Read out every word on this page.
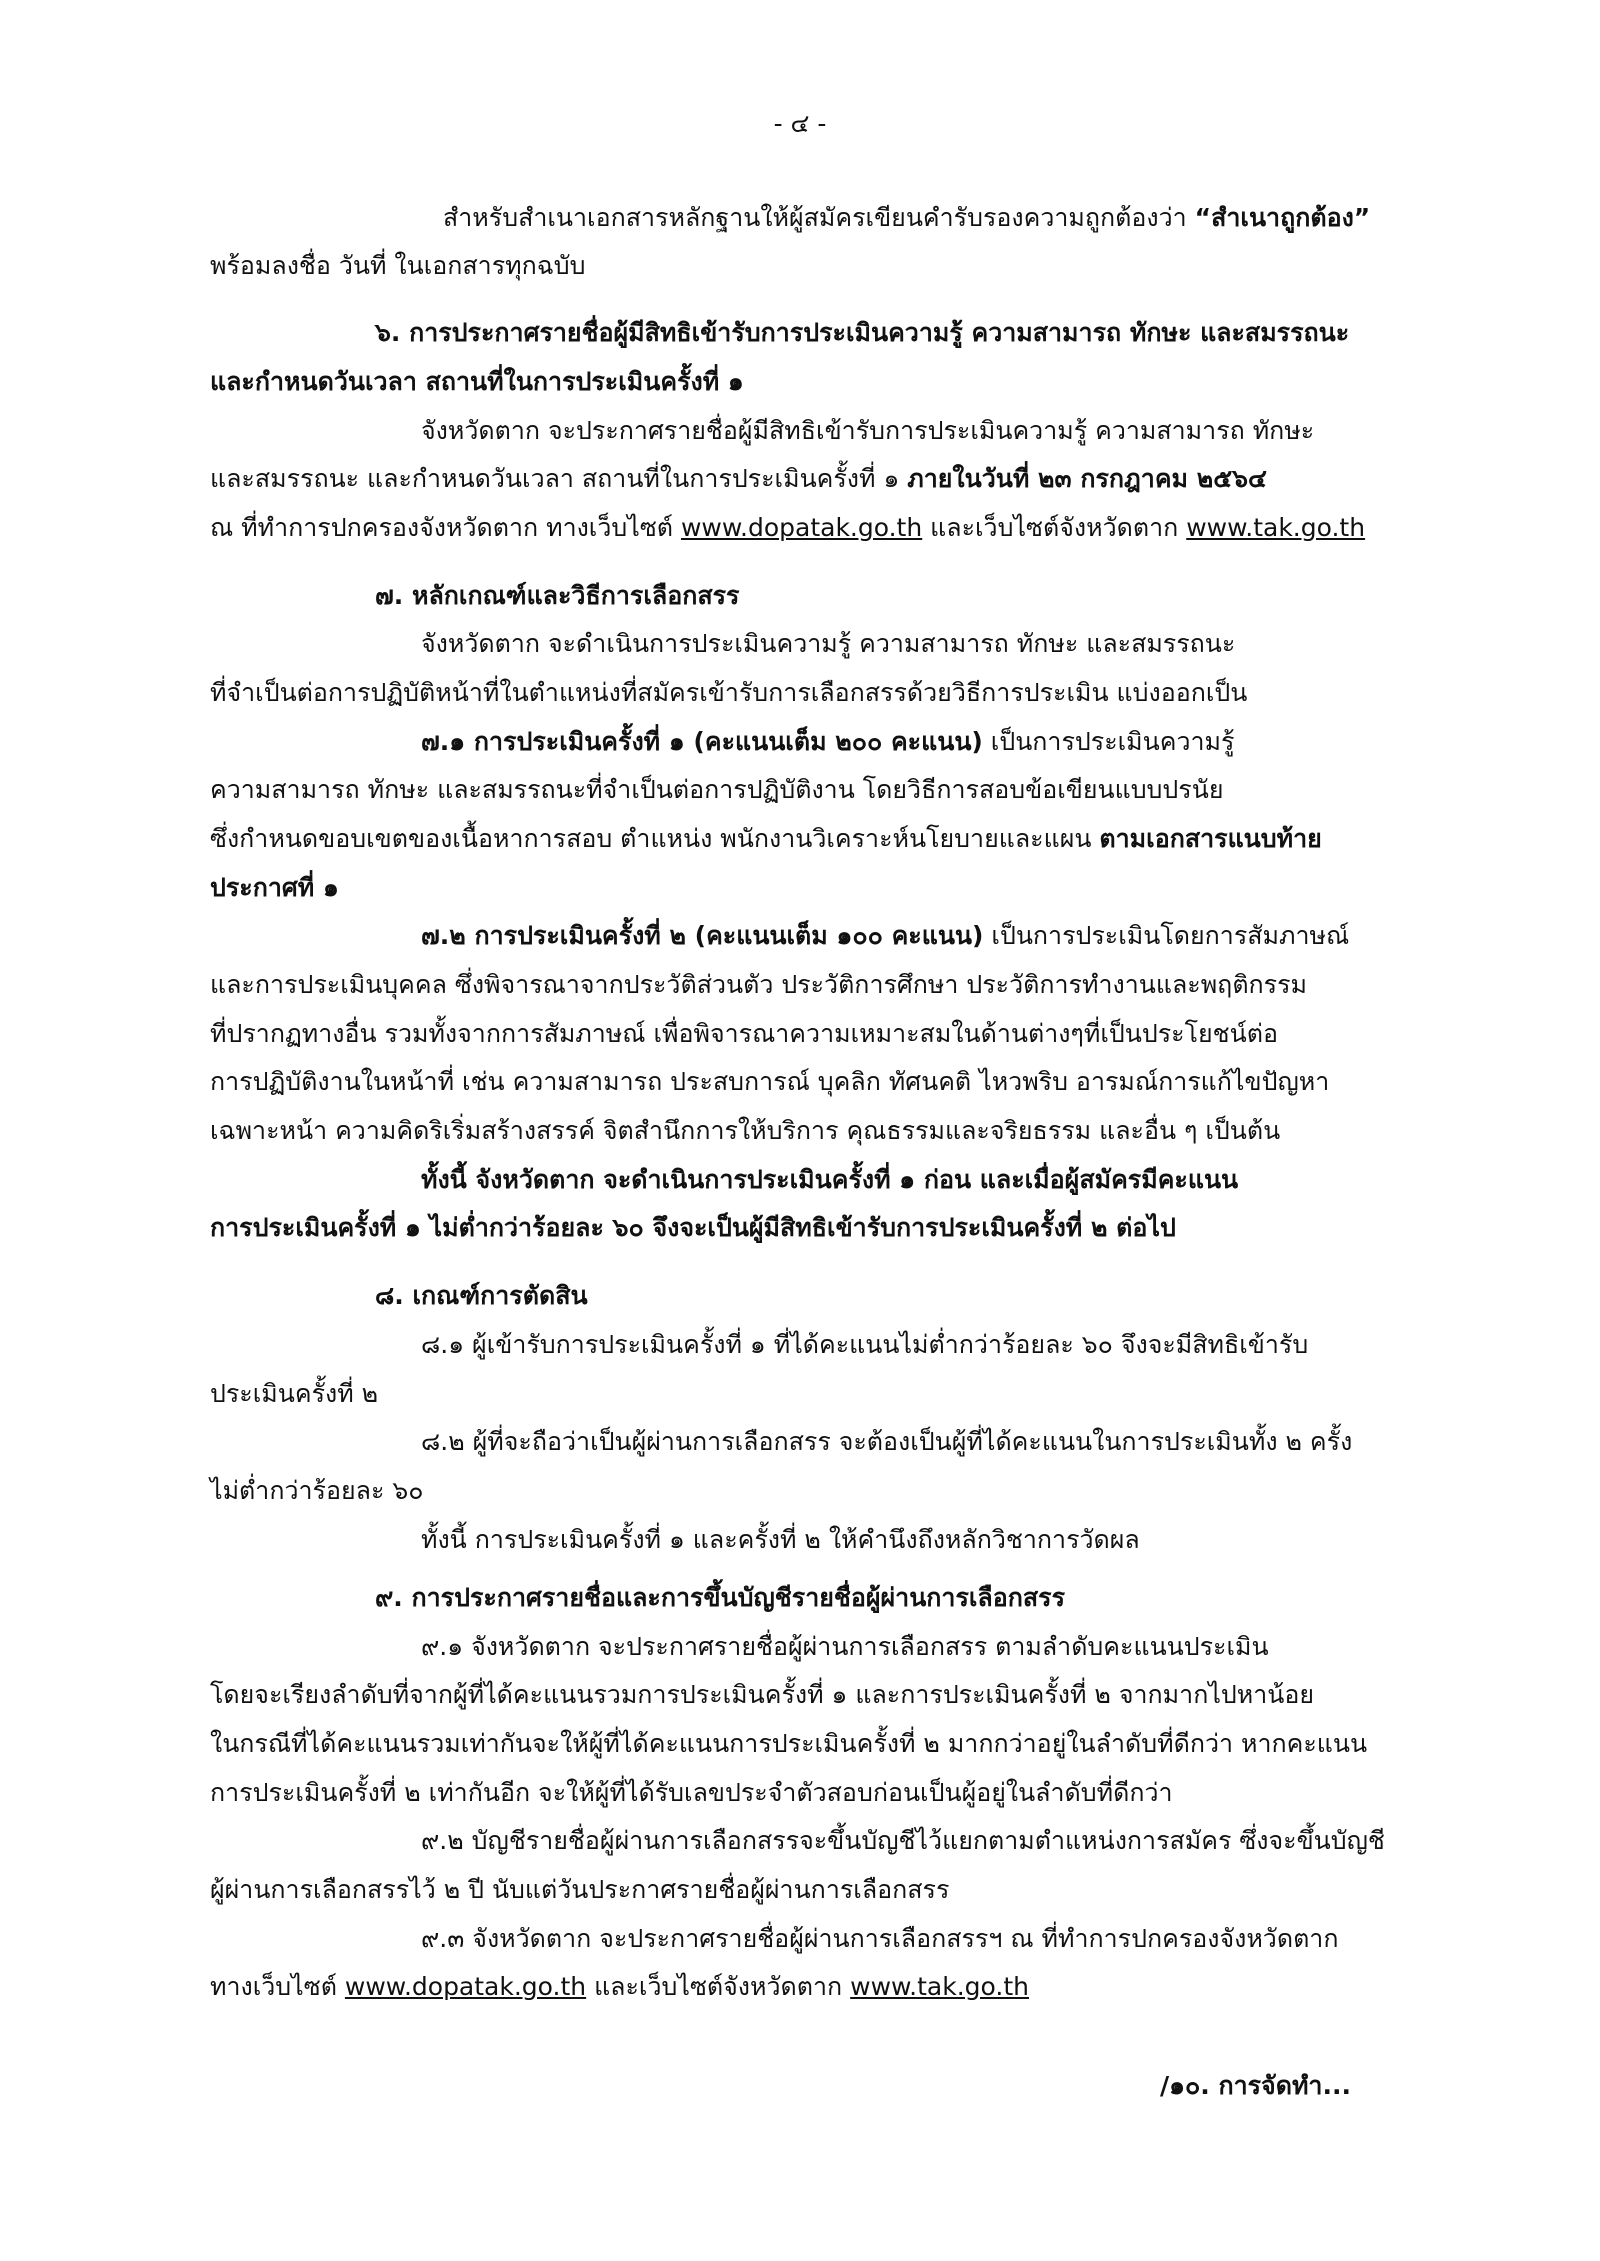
- ๔ -
สำหรับสำเนาเอกสารหลักฐานให้ผู้สมัครเขียนคำรับรองความถูกต้องว่า “สำเนาถูกต้อง”
พร้อมลงชื่อ วันที่ ในเอกสารทุกฉบับ
๖. การประกาศรายชื่อผู้มีสิทธิเข้ารับการประเมินความรู้ ความสามารถ ทักษะ และสมรรถนะ
และกำหนดวันเวลา สถานที่ในการประเมินครั้งที่ ๑
จังหวัดตาก จะประกาศรายชื่อผู้มีสิทธิเข้ารับการประเมินความรู้ ความสามารถ ทักษะ
และสมรรถนะ และกำหนดวันเวลา สถานที่ในการประเมินครั้งที่ ๑ ภายในวันที่ ๒๓ กรกฎาคม ๒๕๖๔
ณ ที่ทำการปกครองจังหวัดตาก ทางเว็บไซต์ www.dopatak.go.th และเว็บไซต์จังหวัดตาก www.tak.go.th
๗. หลักเกณฑ์และวิธีการเลือกสรร
จังหวัดตาก จะดำเนินการประเมินความรู้ ความสามารถ ทักษะ และสมรรถนะ
ที่จำเป็นต่อการปฏิบัติหน้าที่ในตำแหน่งที่สมัครเข้ารับการเลือกสรรด้วยวิธีการประเมิน แบ่งออกเป็น
๗.๑ การประเมินครั้งที่ ๑ (คะแนนเต็ม ๒๐๐ คะแนน) เป็นการประเมินความรู้
ความสามารถ ทักษะ และสมรรถนะที่จำเป็นต่อการปฏิบัติงาน โดยวิธีการสอบข้อเขียนแบบปรนัย
ซึ่งกำหนดขอบเขตของเนื้อหาการสอบ ตำแหน่ง พนักงานวิเคราะห์นโยบายและแผน ตามเอกสารแนบท้าย
ประกาศที่ ๑
๗.๒ การประเมินครั้งที่ ๒ (คะแนนเต็ม ๑๐๐ คะแนน) เป็นการประเมินโดยการสัมภาษณ์
และการประเมินบุคคล ซึ่งพิจารณาจากประวัติส่วนตัว ประวัติการศึกษา ประวัติการทำงานและพฤติกรรม
ที่ปรากฏทางอื่น รวมทั้งจากการสัมภาษณ์ เพื่อพิจารณาความเหมาะสมในด้านต่างๆที่เป็นประโยชน์ต่อ
การปฏิบัติงานในหน้าที่ เช่น ความสามารถ ประสบการณ์ บุคลิก ทัศนคติ ไหวพริบ อารมณ์การแก้ไขปัญหา
เฉพาะหน้า ความคิดริเริ่มสร้างสรรค์ จิตสำนึกการให้บริการ คุณธรรมและจริยธรรม และอื่น ๆ เป็นต้น
ทั้งนี้ จังหวัดตาก จะดำเนินการประเมินครั้งที่ ๑ ก่อน และเมื่อผู้สมัครมีคะแนน
การประเมินครั้งที่ ๑ ไม่ต่ำกว่าร้อยละ ๖๐ จึงจะเป็นผู้มีสิทธิเข้ารับการประเมินครั้งที่ ๒ ต่อไป
๘. เกณฑ์การตัดสิน
๘.๑ ผู้เข้ารับการประเมินครั้งที่ ๑ ที่ได้คะแนนไม่ต่ำกว่าร้อยละ ๖๐ จึงจะมีสิทธิเข้ารับ
ประเมินครั้งที่ ๒
๘.๒ ผู้ที่จะถือว่าเป็นผู้ผ่านการเลือกสรร จะต้องเป็นผู้ที่ได้คะแนนในการประเมินทั้ง ๒ ครั้ง
ไม่ต่ำกว่าร้อยละ ๖๐
ทั้งนี้ การประเมินครั้งที่ ๑ และครั้งที่ ๒ ให้คำนึงถึงหลักวิชาการวัดผล
๙. การประกาศรายชื่อและการขึ้นบัญชีรายชื่อผู้ผ่านการเลือกสรร
๙.๑ จังหวัดตาก จะประกาศรายชื่อผู้ผ่านการเลือกสรร ตามลำดับคะแนนประเมิน
โดยจะเรียงลำดับที่จากผู้ที่ได้คะแนนรวมการประเมินครั้งที่ ๑ และการประเมินครั้งที่ ๒ จากมากไปหาน้อย
ในกรณีที่ได้คะแนนรวมเท่ากันจะให้ผู้ที่ได้คะแนนการประเมินครั้งที่ ๒ มากกว่าอยู่ในลำดับที่ดีกว่า หากคะแนน
การประเมินครั้งที่ ๒ เท่ากันอีก จะให้ผู้ที่ได้รับเลขประจำตัวสอบก่อนเป็นผู้อยู่ในลำดับที่ดีกว่า
๙.๒ บัญชีรายชื่อผู้ผ่านการเลือกสรรจะขึ้นบัญชีไว้แยกตามตำแหน่งการสมัคร ซึ่งจะขึ้นบัญชี
ผู้ผ่านการเลือกสรรไว้ ๒ ปี นับแต่วันประกาศรายชื่อผู้ผ่านการเลือกสรร
๙.๓ จังหวัดตาก จะประกาศรายชื่อผู้ผ่านการเลือกสรรฯ ณ ที่ทำการปกครองจังหวัดตาก
ทางเว็บไซต์ www.dopatak.go.th และเว็บไซต์จังหวัดตาก www.tak.go.th
/๑๐. การจัดทำ...
